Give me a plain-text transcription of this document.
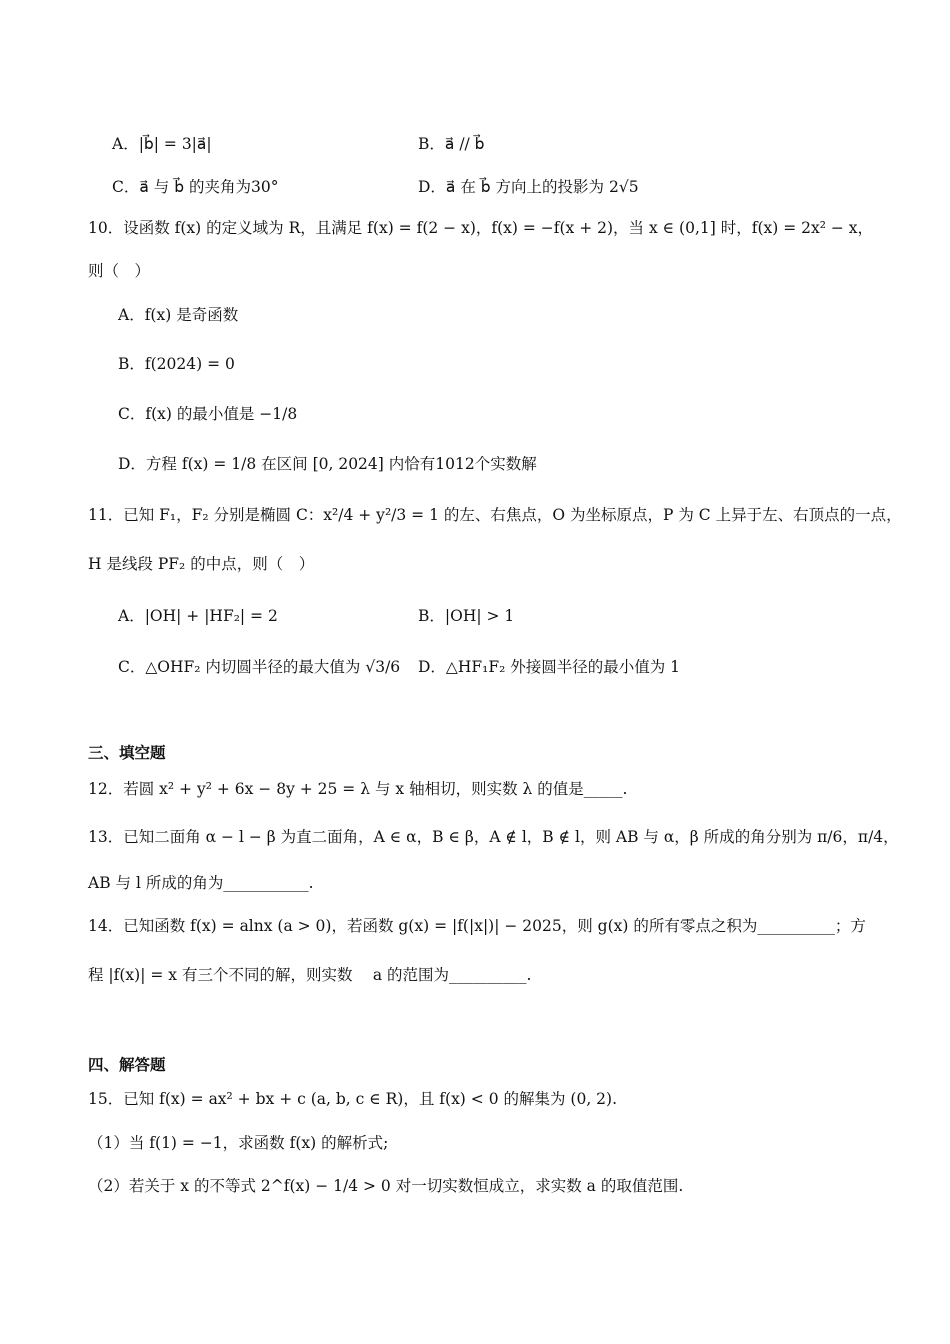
A．|b⃗| = 3|a⃗|	B．a⃗ // b⃗
C．a⃗ 与 b⃗ 的夹角为30°	D．a⃗ 在 b⃗ 方向上的投影为 2√5
10．设函数 f(x) 的定义域为 R，且满足 f(x) = f(2 − x)，f(x) = −f(x + 2)，当 x ∈ (0,1] 时，f(x) = 2x² − x，
则（　）
A．f(x) 是奇函数
B．f(2024) = 0
C．f(x) 的最小值是 −1/8
D．方程 f(x) = 1/8 在区间 [0, 2024] 内恰有1012个实数解
11．已知 F₁，F₂ 分别是椭圆 C：x²/4 + y²/3 = 1 的左、右焦点，O 为坐标原点，P 为 C 上异于左、右顶点的一点，
H 是线段 PF₂ 的中点，则（　）
A．|OH| + |HF₂| = 2	B．|OH| > 1
C．△OHF₂ 内切圆半径的最大值为 √3/6 D．△HF₁F₂ 外接圆半径的最小值为 1
三、填空题
12．若圆 x² + y² + 6x − 8y + 25 = λ 与 x 轴相切，则实数 λ 的值是_____.
13．已知二面角 α − l − β 为直二面角，A ∈ α，B ∈ β，A ∉ l，B ∉ l，则 AB 与 α，β 所成的角分别为 π/6，π/4，
AB 与 l 所成的角为___________.
14．已知函数 f(x) = alnx (a > 0)，若函数 g(x) = |f(|x|)| − 2025，则 g(x) 的所有零点之积为__________；方
程 |f(x)| = x 有三个不同的解，则实数　 a 的范围为__________.
四、解答题
15．已知 f(x) = ax² + bx + c (a, b, c ∈ R)，且 f(x) < 0 的解集为 (0, 2).
（1）当 f(1) = −1，求函数 f(x) 的解析式;
（2）若关于 x 的不等式 2^f(x) − 1/4 > 0 对一切实数恒成立，求实数 a 的取值范围.
